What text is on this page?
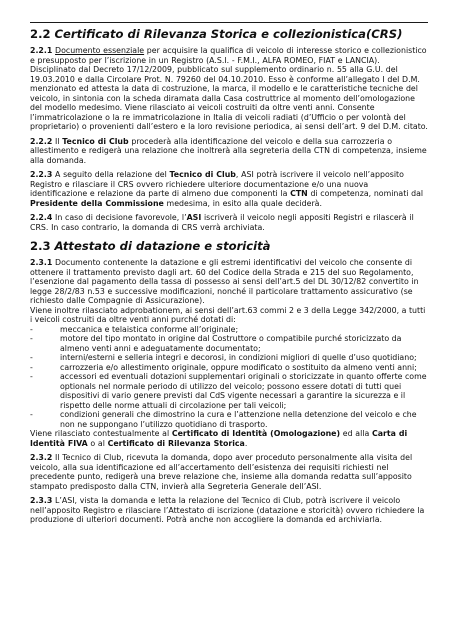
2.2 Certificato di Rilevanza Storica e colIezionistica(CRS)

2.2.1 Documento essenziale per acquisire la qualifica di veicolo di interesse storico e collezionistico e presupposto per l’iscrizione in un Registro (A.S.I. - F.M.I., ALFA ROMEO, FIAT e LANCIA). Disciplinato dal Decreto 17/12/2009, pubblicato sul supplemento ordinario n. 55 alla G.U. del 19.03.2010 e dalla Circolare Prot. N. 79260 del 04.10.2010. Esso è conforme all’allegato I del D.M. menzionato ed attesta la data di costruzione, la marca, il modello e le caratteristiche tecniche del veicolo, in sintonia con la scheda diramata dalla Casa costruttrice al momento dell’omologazione del modello medesimo. Viene rilasciato ai veicoli costruiti da oltre venti anni. Consente l’immatricolazione o la re immatricolazione in Italia di veicoli radiati (d’Ufficio o per volontà del proprietario) o provenienti dall’estero e la loro revisione periodica, ai sensi dell’art. 9 del D.M. citato.

2.2.2 Il Tecnico di Club procederà alla identificazione del veicolo e della sua carrozzeria o allestimento e redigerà una relazione che inoltrerà alla segreteria della CTN di competenza, insieme alla domanda.

2.2.3 A seguito della relazione del Tecnico di Club, ASI potrà iscrivere il veicolo nell’apposito Registro e rilasciare il CRS ovvero richiedere ulteriore documentazione e/o una nuova identificazione e relazione da parte di almeno due componenti la CTN di competenza, nominati dal Presidente della Commissione medesima, in esito alla quale deciderà.

2.2.4 In caso di decisione favorevole, l’ASI iscriverà il veicolo negli appositi Registri e rilascerà il CRS. In caso contrario, la domanda di CRS verrà archiviata.

2.3 Attestato di datazione e storicità

2.3.1 Documento contenente la datazione e gli estremi identificativi del veicolo che consente di ottenere il trattamento previsto dagli art. 60 del Codice della Strada e 215 del suo Regolamento, l’esenzione dal pagamento della tassa di possesso ai sensi dell’art.5 del DL 30/12/82 convertito in legge 28/2/83 n.53 e successive modificazioni, nonché il particolare trattamento assicurativo (se richiesto dalle Compagnie di Assicurazione).

Viene inoltre rilasciato adprobationem, ai sensi dell’art.63 commi 2 e 3 della Legge 342/2000, a tutti i veicoli costruiti da oltre venti anni purché dotati di:

-	meccanica e telaistica conforme all’originale;
-	motore del tipo montato in origine dal Costruttore o compatibile purché storicizzato da almeno venti anni e adeguatamente documentato;
-	interni/esterni e selleria integri e decorosi, in condizioni migliori di quelle d’uso quotidiano;
-	carrozzeria e/o allestimento originale, oppure modificato o sostituito da almeno venti anni;
-	accessori ed eventuali dotazioni supplementari originali o storicizzate in quanto offerte come optionals nel normale periodo di utilizzo del veicolo; possono essere dotati di tutti quei dispositivi di vario genere previsti dal CdS vigente necessari a garantire la sicurezza e il rispetto delle norme attuali di circolazione per tali veicoli;
-	condizioni generali che dimostrino la cura e l’attenzione nella detenzione del veicolo e che non ne suppongano l’utilizzo quotidiano di trasporto.

Viene rilasciato contestualmente al Certificato di Identità (Omologazione) ed alla Carta di Identità FIVA o al Certificato di Rilevanza Storica.

2.3.2 Il Tecnico di Club, ricevuta la domanda, dopo aver proceduto personalmente alla visita del veicolo, alla sua identificazione ed all’accertamento dell’esistenza dei requisiti richiesti nel precedente punto, redigerà una breve relazione che, insieme alla domanda redatta sull’apposito stampato predisposto dalla CTN, invierà alla Segreteria Generale dell’ASI.

2.3.3 L’ASI, vista la domanda e letta la relazione del Tecnico di Club, potrà iscrivere il veicolo nell’apposito Registro e rilasciare l’Attestato di iscrizione (datazione e storicità) ovvero richiedere la produzione di ulteriori documenti. Potrà anche non accogliere la domanda ed archiviarla.
